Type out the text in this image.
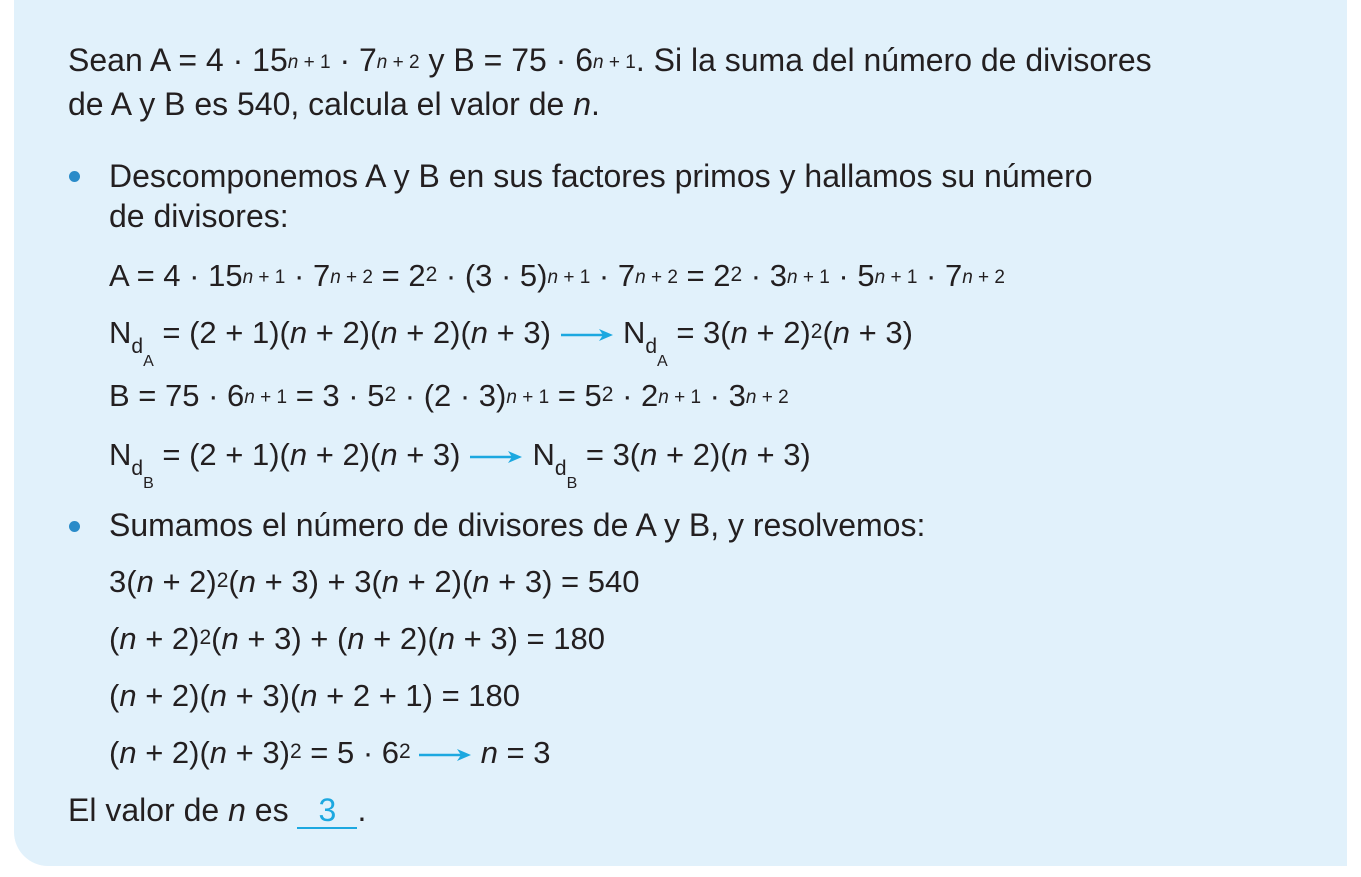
Sean $A = 4 \cdot 15^{n + 1} \cdot 7^{n + 2}$ y $B = 75 \cdot 6^{n + 1}$. Si la suma del número de divisores
de A y B es 540, calcula el valor de n.
Descomponemos A y B en sus factores primos y hallamos su número
de divisores:
$A = 4 \cdot 15^{n + 1} \cdot 7^{n + 2} = 2^2 \cdot (3 \cdot 5)^{n + 1} \cdot 7^{n + 2} = 2^2 \cdot 3^{n + 1} \cdot 5^{n + 1} \cdot 7^{n + 2}$
$N_{d_A} = (2 + 1)(n + 2)(n + 2)(n + 3) N_{d_A} = 3(n + 2)^2(n + 3)$
$B = 75 \cdot 6^{n + 1} = 3 \cdot 5^2 \cdot (2 \cdot 3)^{n + 1} = 5^2 \cdot 2^{n + 1} \cdot 3^{n + 2}$
$N_{d_B} = (2 + 1)(n + 2)(n + 3) N_{d_B} = 3(n + 2)(n + 3)$
Sumamos el número de divisores de A y B, y resolvemos:
$3(n + 2)^2(n + 3) + 3(n + 2)(n + 3) = 540$
$(n + 2)^2(n + 3) + (n + 2)(n + 3) = 180$
(n + 2)(n + 3)(n + 2 + 1) = 180
$(n + 2)(n + 3)^2 = 5 \cdot 6^2$ n = 3
El valor de n es 3 .
